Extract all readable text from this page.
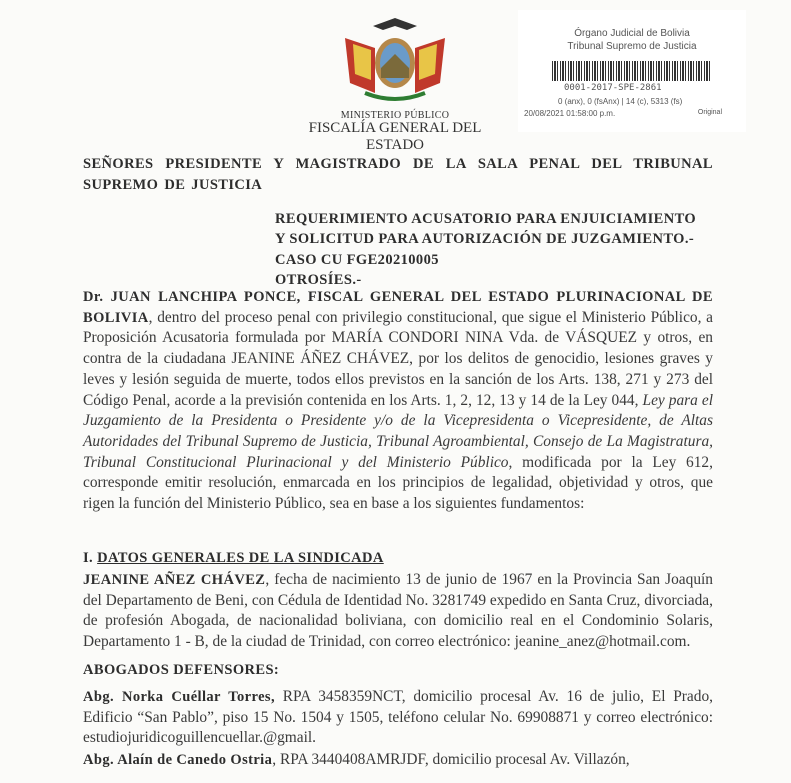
MINISTERIO PÚBLICO
FISCALÍA GENERAL DEL ESTADO
Órgano Judicial de Bolivia
Tribunal Supremo de Justicia
0001-2017-SPE-2861
0 (anx), 0 (fsAnx) | 14 (c), 5313 (fs)
20/08/2021 01:58:00 p.m.	Original
SEÑORES PRESIDENTE Y MAGISTRADO DE LA SALA PENAL DEL TRIBUNAL SUPREMO DE JUSTICIA
REQUERIMIENTO ACUSATORIO PARA ENJUICIAMIENTO
Y SOLICITUD PARA AUTORIZACIÓN DE JUZGAMIENTO.-
CASO CU FGE20210005
OTROSÍES.-
Dr. JUAN LANCHIPA PONCE, FISCAL GENERAL DEL ESTADO PLURINACIONAL DE BOLIVIA, dentro del proceso penal con privilegio constitucional, que sigue el Ministerio Público, a Proposición Acusatoria formulada por MARÍA CONDORI NINA Vda. de VÁSQUEZ y otros, en contra de la ciudadana JEANINE ÁÑEZ CHÁVEZ, por los delitos de genocidio, lesiones graves y leves y lesión seguida de muerte, todos ellos previstos en la sanción de los Arts. 138, 271 y 273 del Código Penal, acorde a la previsión contenida en los Arts. 1, 2, 12, 13 y 14 de la Ley 044, Ley para el Juzgamiento de la Presidenta o Presidente y/o de la Vicepresidenta o Vicepresidente, de Altas Autoridades del Tribunal Supremo de Justicia, Tribunal Agroambiental, Consejo de La Magistratura, Tribunal Constitucional Plurinacional y del Ministerio Público, modificada por la Ley 612, corresponde emitir resolución, enmarcada en los principios de legalidad, objetividad y otros, que rigen la función del Ministerio Público, sea en base a los siguientes fundamentos:
I. DATOS GENERALES DE LA SINDICADA
JEANINE AÑEZ CHÁVEZ, fecha de nacimiento 13 de junio de 1967 en la Provincia San Joaquín del Departamento de Beni, con Cédula de Identidad No. 3281749 expedido en Santa Cruz, divorciada, de profesión Abogada, de nacionalidad boliviana, con domicilio real en el Condominio Solaris, Departamento 1 - B, de la ciudad de Trinidad, con correo electrónico: jeanine_anez@hotmail.com.
ABOGADOS DEFENSORES:
Abg. Norka Cuéllar Torres, RPA 3458359NCT, domicilio procesal Av. 16 de julio, El Prado, Edificio “San Pablo”, piso 15 No. 1504 y 1505, teléfono celular No. 69908871 y correo electrónico: estudiojuridicoguillencuellar.@gmail.
Abg. Alaín de Canedo Ostria, RPA 3440408AMRJDF, domicilio procesal Av. Villazón,
